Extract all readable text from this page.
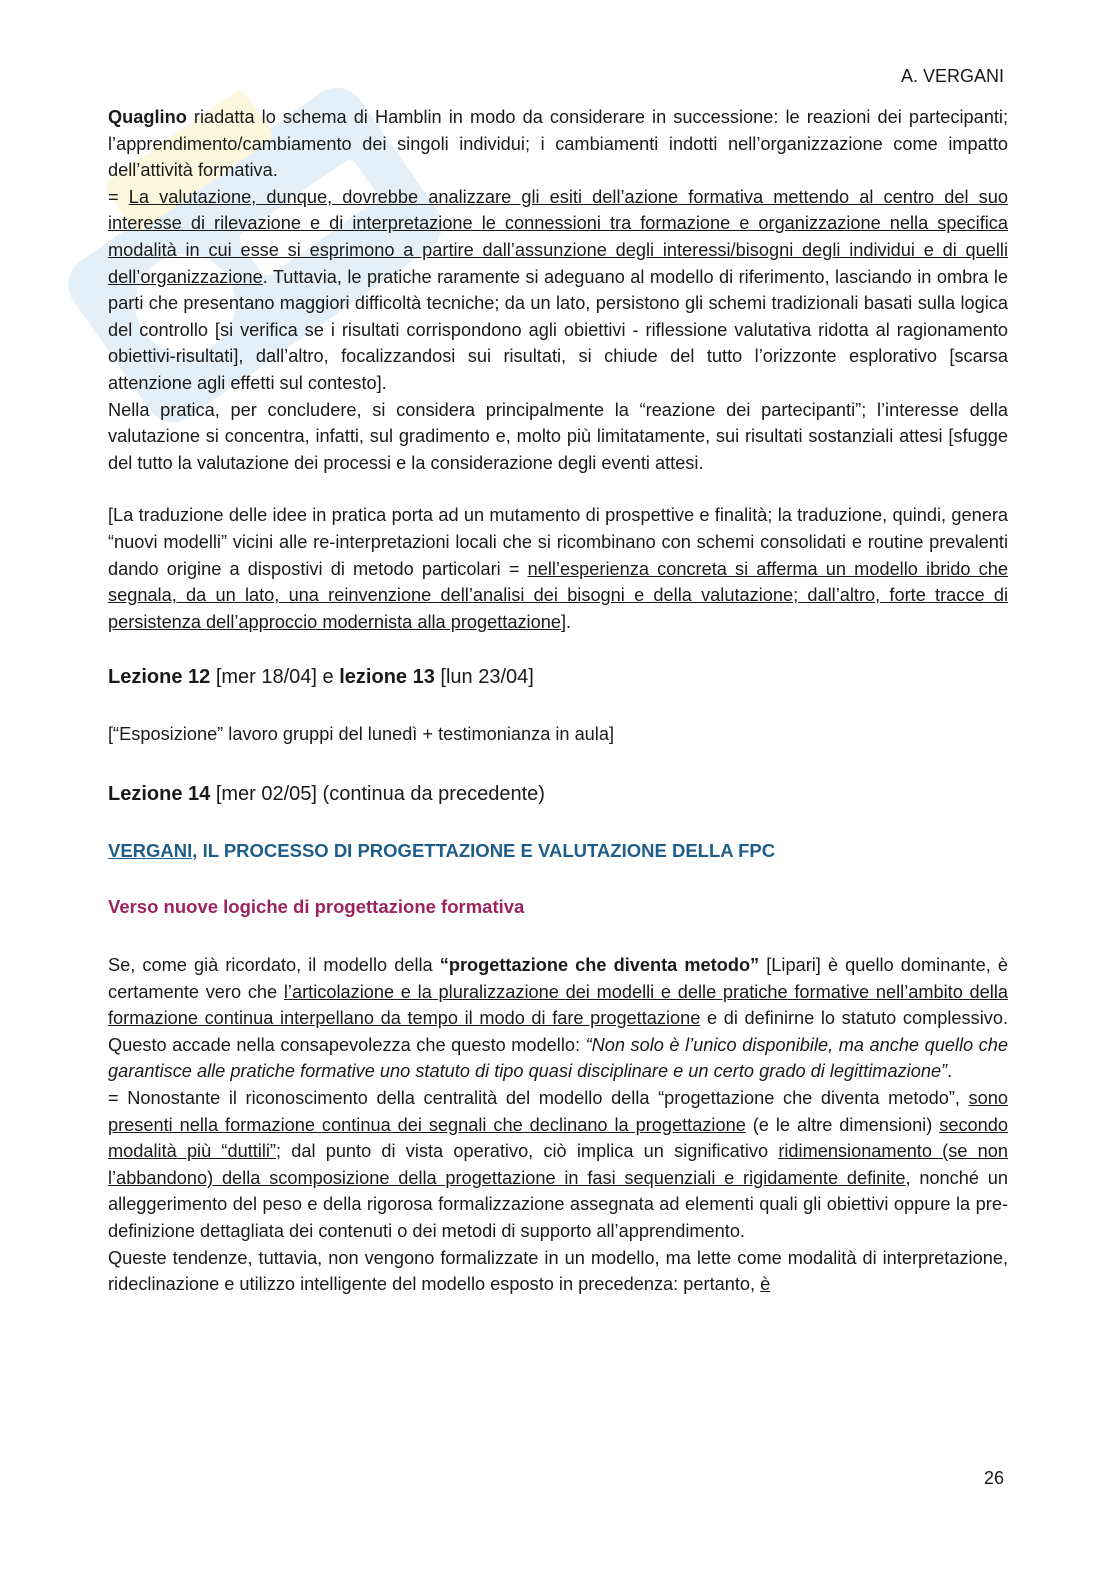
A. VERGANI

Quaglino riadatta lo schema di Hamblin in modo da considerare in successione: le reazioni dei partecipanti; l’apprendimento/cambiamento dei singoli individui; i cambiamenti indotti nell’organizzazione come impatto dell’attività formativa.

= La valutazione, dunque, dovrebbe analizzare gli esiti dell’azione formativa mettendo al centro del suo interesse di rilevazione e di interpretazione le connessioni tra formazione e organizzazione nella specifica modalità in cui esse si esprimono a partire dall’assunzione degli interessi/bisogni degli individui e di quelli dell’organizzazione. Tuttavia, le pratiche raramente si adeguano al modello di riferimento, lasciando in ombra le parti che presentano maggiori difficoltà tecniche; da un lato, persistono gli schemi tradizionali basati sulla logica del controllo [si verifica se i risultati corrispondono agli obiettivi - riflessione valutativa ridotta al ragionamento obiettivi-risultati], dall’altro, focalizzandosi sui risultati, si chiude del tutto l’orizzonte esplorativo [scarsa attenzione agli effetti sul contesto].

Nella pratica, per concludere, si considera principalmente la “reazione dei partecipanti”; l’interesse della valutazione si concentra, infatti, sul gradimento e, molto più limitatamente, sui risultati sostanziali attesi [sfugge del tutto la valutazione dei processi e la considerazione degli eventi attesi.

[La traduzione delle idee in pratica porta ad un mutamento di prospettive e finalità; la traduzione, quindi, genera “nuovi modelli” vicini alle re-interpretazioni locali che si ricombinano con schemi consolidati e routine prevalenti dando origine a dispostivi di metodo particolari = nell’esperienza concreta si afferma un modello ibrido che segnala, da un lato, una reinvenzione dell’analisi dei bisogni e della valutazione; dall’altro, forte tracce di persistenza dell’approccio modernista alla progettazione].

Lezione 12 [mer 18/04] e lezione 13 [lun 23/04]

[“Esposizione” lavoro gruppi del lunedì + testimonianza in aula]

Lezione 14 [mer 02/05] (continua da precedente)

VERGANI, IL PROCESSO DI PROGETTAZIONE E VALUTAZIONE DELLA FPC

Verso nuove logiche di progettazione formativa

Se, come già ricordato, il modello della “progettazione che diventa metodo” [Lipari] è quello dominante, è certamente vero che l’articolazione e la pluralizzazione dei modelli e delle pratiche formative nell’ambito della formazione continua interpellano da tempo il modo di fare progettazione e di definirne lo statuto complessivo. Questo accade nella consapevolezza che questo modello: “Non solo è l’unico disponibile, ma anche quello che garantisce alle pratiche formative uno statuto di tipo quasi disciplinare e un certo grado di legittimazione”.

= Nonostante il riconoscimento della centralità del modello della “progettazione che diventa metodo”, sono presenti nella formazione continua dei segnali che declinano la progettazione (e le altre dimensioni) secondo modalità più “duttili”; dal punto di vista operativo, ciò implica un significativo ridimensionamento (se non l’abbandono) della scomposizione della progettazione in fasi sequenziali e rigidamente definite, nonché un alleggerimento del peso e della rigorosa formalizzazione assegnata ad elementi quali gli obiettivi oppure la pre-definizione dettagliata dei contenuti o dei metodi di supporto all’apprendimento.

Queste tendenze, tuttavia, non vengono formalizzate in un modello, ma lette come modalità di interpretazione, rideclinazione e utilizzo intelligente del modello esposto in precedenza: pertanto, è

26
